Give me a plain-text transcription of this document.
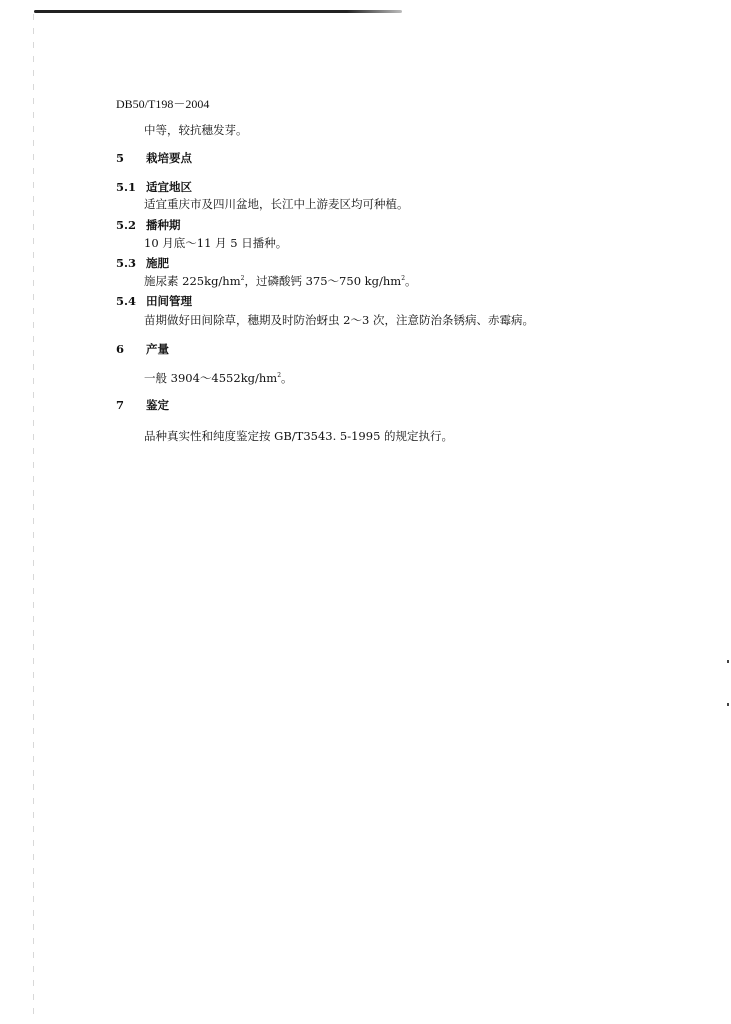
DB50/T198－2004
中等，较抗穗发芽。
5 栽培要点
5.1 适宜地区
适宜重庆市及四川盆地，长江中上游麦区均可种植。
5.2 播种期
10 月底～11 月 5 日播种。
5.3 施肥
施尿素 $225kg/hm^2$，过磷酸钙 375～750 $kg/hm^2$。
5.4 田间管理
苗期做好田间除草，穗期及时防治蚜虫 2～3 次，注意防治条锈病、赤霉病。
6 产量
一般 $3904\sim 4552kg/hm^2$。
7 鉴定
品种真实性和纯度鉴定按 GB/T3543. 5-1995 的规定执行。
